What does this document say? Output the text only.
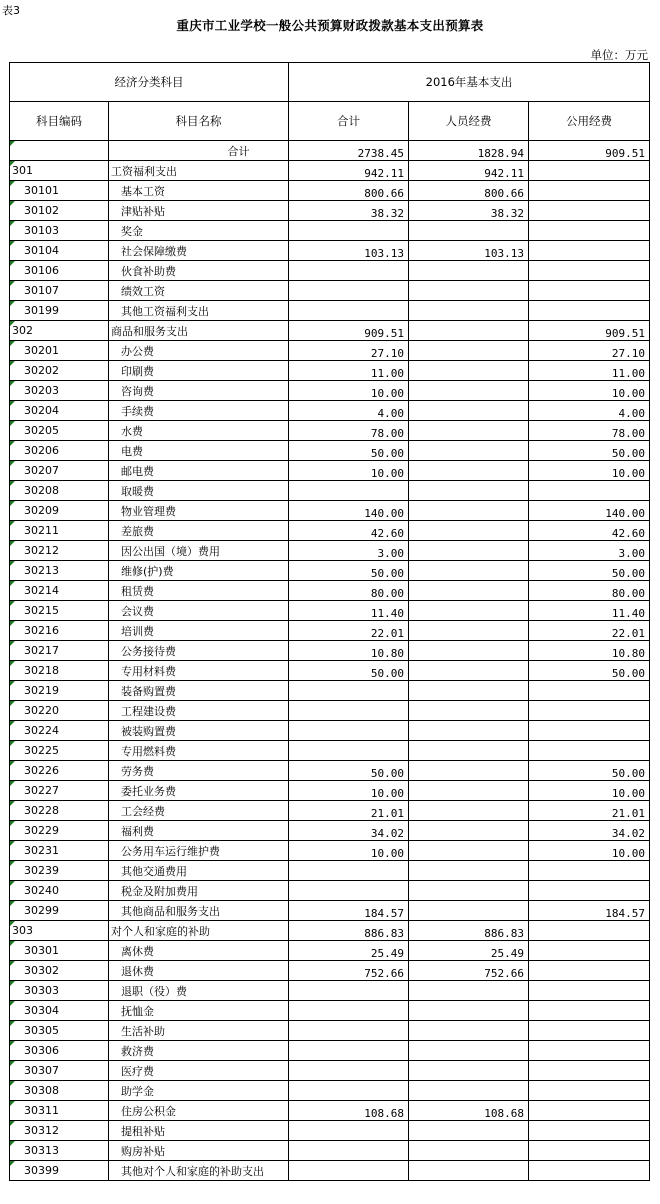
表3
重庆市工业学校一般公共预算财政拨款基本支出预算表
单位：万元
经济分类科目		2016年基本支出		
科目编码	科目名称	合计	人员经费	公用经费
	合计	2738.45	1828.94	909.51
301	工资福利支出	942.11	942.11	
30101	基本工资	800.66	800.66	
30102	津贴补贴	38.32	38.32	
30103	奖金			
30104	社会保障缴费	103.13	103.13	
30106	伙食补助费			
30107	绩效工资			
30199	其他工资福利支出			
302	商品和服务支出	909.51		909.51
30201	办公费	27.10		27.10
30202	印刷费	11.00		11.00
30203	咨询费	10.00		10.00
30204	手续费	4.00		4.00
30205	水费	78.00		78.00
30206	电费	50.00		50.00
30207	邮电费	10.00		10.00
30208	取暖费			
30209	物业管理费	140.00		140.00
30211	差旅费	42.60		42.60
30212	因公出国（境）费用	3.00		3.00
30213	维修(护)费	50.00		50.00
30214	租赁费	80.00		80.00
30215	会议费	11.40		11.40
30216	培训费	22.01		22.01
30217	公务接待费	10.80		10.80
30218	专用材料费	50.00		50.00
30219	装备购置费			
30220	工程建设费			
30224	被装购置费			
30225	专用燃料费			
30226	劳务费	50.00		50.00
30227	委托业务费	10.00		10.00
30228	工会经费	21.01		21.01
30229	福利费	34.02		34.02
30231	公务用车运行维护费	10.00		10.00
30239	其他交通费用			
30240	税金及附加费用			
30299	其他商品和服务支出	184.57		184.57
303	对个人和家庭的补助	886.83	886.83	
30301	离休费	25.49	25.49	
30302	退休费	752.66	752.66	
30303	退职（役）费			
30304	抚恤金			
30305	生活补助			
30306	救济费			
30307	医疗费			
30308	助学金			
30311	住房公积金	108.68	108.68	
30312	提租补贴			
30313	购房补贴			
30399	其他对个人和家庭的补助支出			
